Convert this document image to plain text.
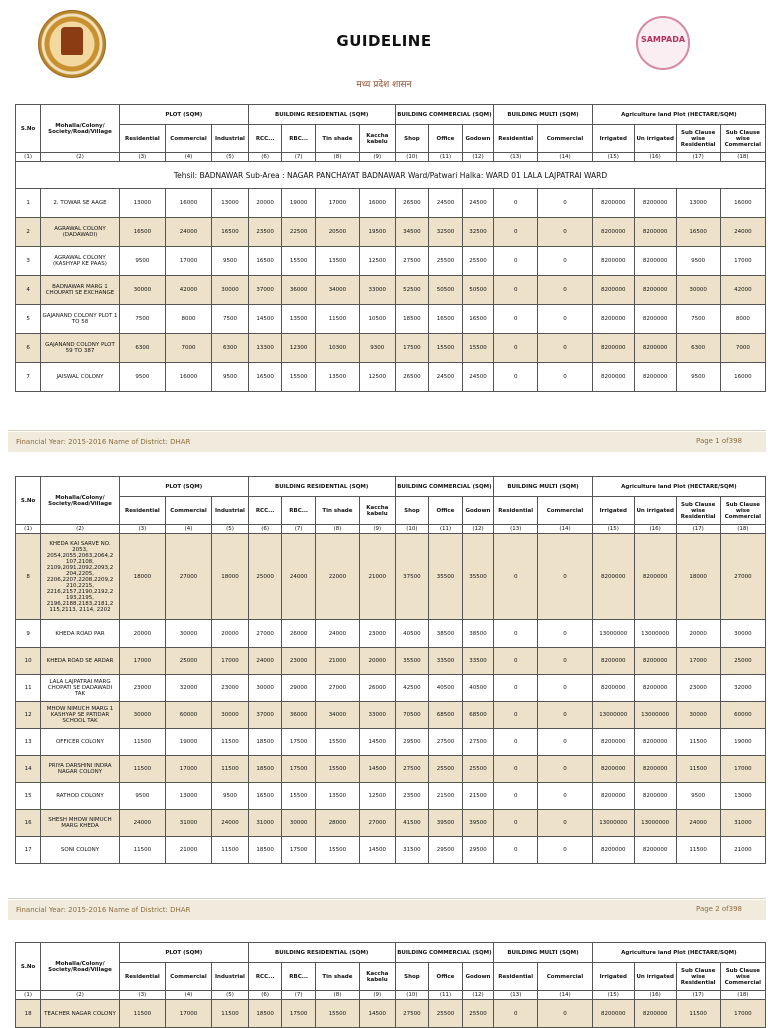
GUIDELINE
मध्य प्रदेश शासन
SAMPADA
S.No	Mohalla/Colony/ Society/Road/Village	PLOT (SQM)			BUILDING RESIDENTIAL (SQM)				BUILDING COMMERCIAL (SQM)			BUILDING MULTI (SQM)		Agriculture land Plot (HECTARE/SQM)			
		Residential	Commercial	Industrial	RCC...	RBC...	Tin shade	Kaccha kabelu	Shop	Office	Godown	Residential	Commercial	Irrigated	Un irrigated	Sub Clause wise Residential	Sub Clause wise Commercial
(1)	(2)	(3)	(4)	(5)	(6)	(7)	(8)	(9)	(10)	(11)	(12)	(13)	(14)	(15)	(16)	(17)	(18)
Tehsil: BADNAWAR Sub-Area : NAGAR PANCHAYAT BADNAWAR Ward/Patwari Halka: WARD 01 LALA LAJPATRAI WARD																	
1	2. TOWAR SE AAGE	13000	16000	13000	20000	19000	17000	16000	26500	24500	24500	0	0	8200000	8200000	13000	16000
2	AGRAWAL COLONY (DADAWADI)	16500	24000	16500	23500	22500	20500	19500	34500	32500	32500	0	0	8200000	8200000	16500	24000
3	AGRAWAL COLONY (KASHYAP KE PAAS)	9500	17000	9500	16500	15500	13500	12500	27500	25500	25500	0	0	8200000	8200000	9500	17000
4	BADNAWAR MARG 1 CHOUPATI SE EXCHANGE	30000	42000	30000	37000	36000	34000	33000	52500	50500	50500	0	0	8200000	8200000	30000	42000
5	GAJANAND COLONY PLOT 1 TO 58	7500	8000	7500	14500	13500	11500	10500	18500	16500	16500	0	0	8200000	8200000	7500	8000
6	GAJANAND COLONY PLOT 59 TO 387	6300	7000	6300	13300	12300	10300	9300	17500	15500	15500	0	0	8200000	8200000	6300	7000
7	JAISWAL COLONY	9500	16000	9500	16500	15500	13500	12500	26500	24500	24500	0	0	8200000	8200000	9500	16000
Financial Year: 2015-2016 Name of District: DHAR	Page 1 of398
S.No	Mohalla/Colony/ Society/Road/Village	PLOT (SQM)			BUILDING RESIDENTIAL (SQM)				BUILDING COMMERCIAL (SQM)			BUILDING MULTI (SQM)		Agriculture land Plot (HECTARE/SQM)			
		Residential	Commercial	Industrial	RCC...	RBC...	Tin shade	Kaccha kabelu	Shop	Office	Godown	Residential	Commercial	Irrigated	Un irrigated	Sub Clause wise Residential	Sub Clause wise Commercial
(1)	(2)	(3)	(4)	(5)	(6)	(7)	(8)	(9)	(10)	(11)	(12)	(13)	(14)	(15)	(16)	(17)	(18)
8	KHEDA KAI SARVE NO. 2053, 2054,2055,2063,2064,2 107,2108, 2109,2091,2092,2093,2 204,2205, 2206,2207,2208,2209,2 210,2215, 2216,2157,2190,2192,2 193,2195, 2196,2188,2183,2181,2 115,2113, 2114, 2202	18000	27000	18000	25000	24000	22000	21000	37500	35500	35500	0	0	8200000	8200000	18000	27000
9	KHEDA ROAD PAR	20000	30000	20000	27000	26000	24000	23000	40500	38500	38500	0	0	13000000	13000000	20000	30000
10	KHEDA ROAD SE ARDAR	17000	25000	17000	24000	23000	21000	20000	35500	33500	33500	0	0	8200000	8200000	17000	25000
11	LALA LAJPATRAI MARG CHOPATI SE DADAWADI TAK	23000	32000	23000	30000	29000	27000	26000	42500	40500	40500	0	0	8200000	8200000	23000	32000
12	MHOW NIMUCH MARG 1 KASHYAP SE PATIDAR SCHOOL TAK	30000	60000	30000	37000	36000	34000	33000	70500	68500	68500	0	0	13000000	13000000	30000	60000
13	OFFICER COLONY	11500	19000	11500	18500	17500	15500	14500	29500	27500	27500	0	0	8200000	8200000	11500	19000
14	PRIYA DARSHINI INDRA NAGAR COLONY	11500	17000	11500	18500	17500	15500	14500	27500	25500	25500	0	0	8200000	8200000	11500	17000
15	RATHOD COLONY	9500	13000	9500	16500	15500	13500	12500	23500	21500	21500	0	0	8200000	8200000	9500	13000
16	SHESH MHOW NIMUCH MARG KHEDA	24000	31000	24000	31000	30000	28000	27000	41500	39500	39500	0	0	13000000	13000000	24000	31000
17	SONI COLONY	11500	21000	11500	18500	17500	15500	14500	31500	29500	29500	0	0	8200000	8200000	11500	21000
Financial Year: 2015-2016 Name of District: DHAR	Page 2 of398
S.No	Mohalla/Colony/ Society/Road/Village	PLOT (SQM)			BUILDING RESIDENTIAL (SQM)				BUILDING COMMERCIAL (SQM)			BUILDING MULTI (SQM)		Agriculture land Plot (HECTARE/SQM)			
		Residential	Commercial	Industrial	RCC...	RBC...	Tin shade	Kaccha kabelu	Shop	Office	Godown	Residential	Commercial	Irrigated	Un irrigated	Sub Clause wise Residential	Sub Clause wise Commercial
(1)	(2)	(3)	(4)	(5)	(6)	(7)	(8)	(9)	(10)	(11)	(12)	(13)	(14)	(15)	(16)	(17)	(18)
18	TEACHER NAGAR COLONY	11500	17000	11500	18500	17500	15500	14500	27500	25500	25500	0	0	8200000	8200000	11500	17000
